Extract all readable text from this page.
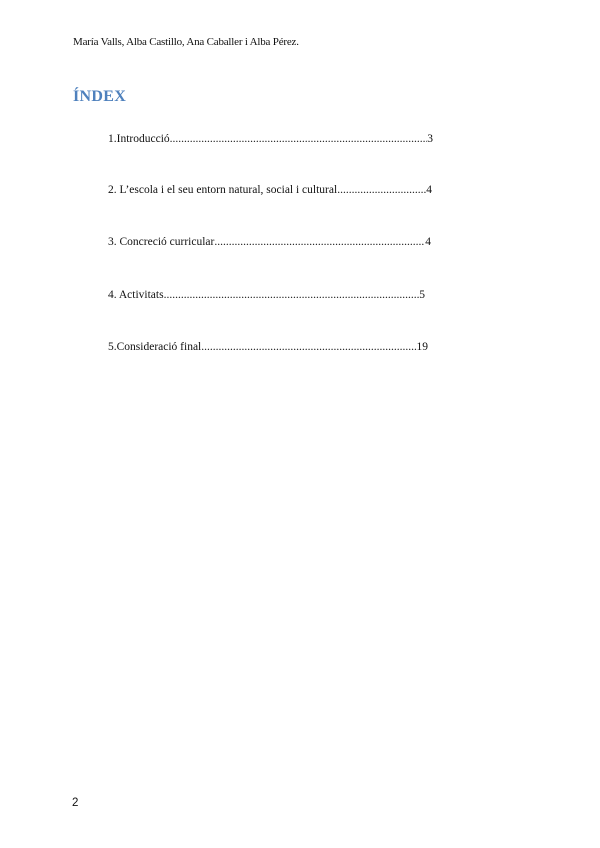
María Valls, Alba Castillo, Ana Caballer i Alba Pérez.
ÍNDEX
1.Introducció .....	3
2. L’escola i el seu entorn natural, social i cultural .....	4
3. Concreció curricular .....	4
4. Activitats .....	5
5.Consideració final .....	19
2
